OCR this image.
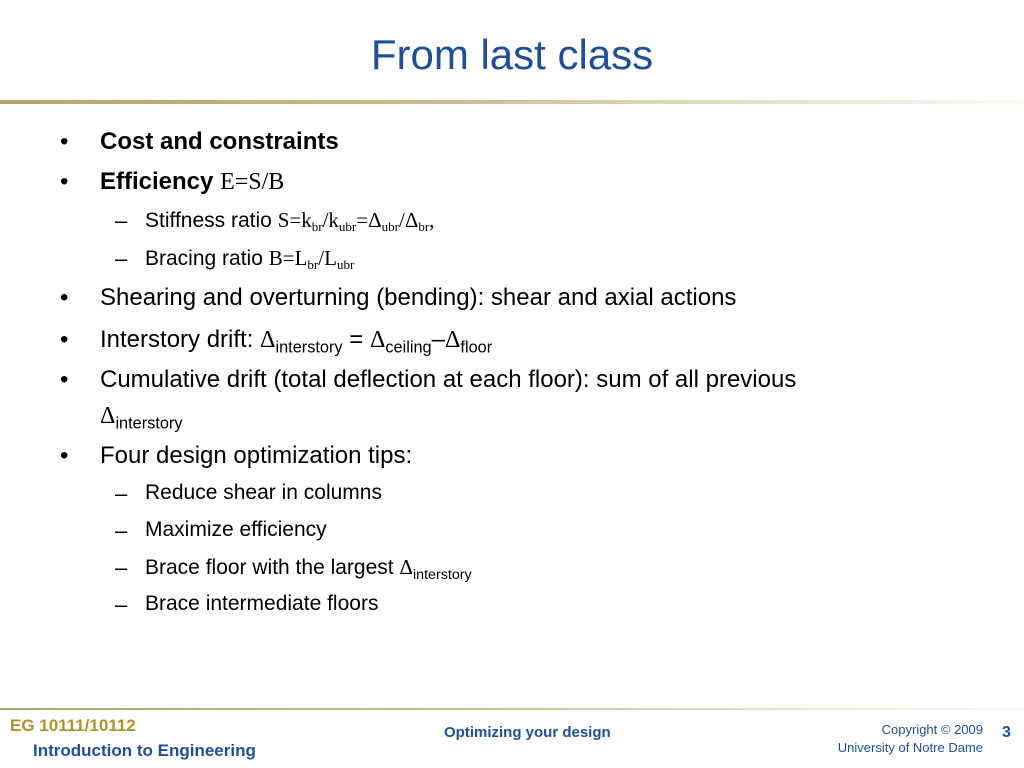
From last class
• Cost and constraints
• Efficiency E=S/B
– Stiffness ratio $S=k_{br}/k_{ubr}=\Delta_{ubr}/\Delta_{br}$,
– Bracing ratio $B=L_{br}/L_{ubr}$
• Shearing and overturning (bending): shear and axial actions
• Interstory drift: $\Delta_{interstory} = \Delta_{ceiling}-\Delta_{floor}$
• Cumulative drift (total deflection at each floor): sum of all previous
$\Delta_{interstory}$
• Four design optimization tips:
– Reduce shear in columns
– Maximize efficiency
– Brace floor with the largest $\Delta_{interstory}$
– Brace intermediate floors
EG 10111/10112
Introduction to Engineering
Optimizing your design	Copyright © 2009
University of Notre Dame
3
